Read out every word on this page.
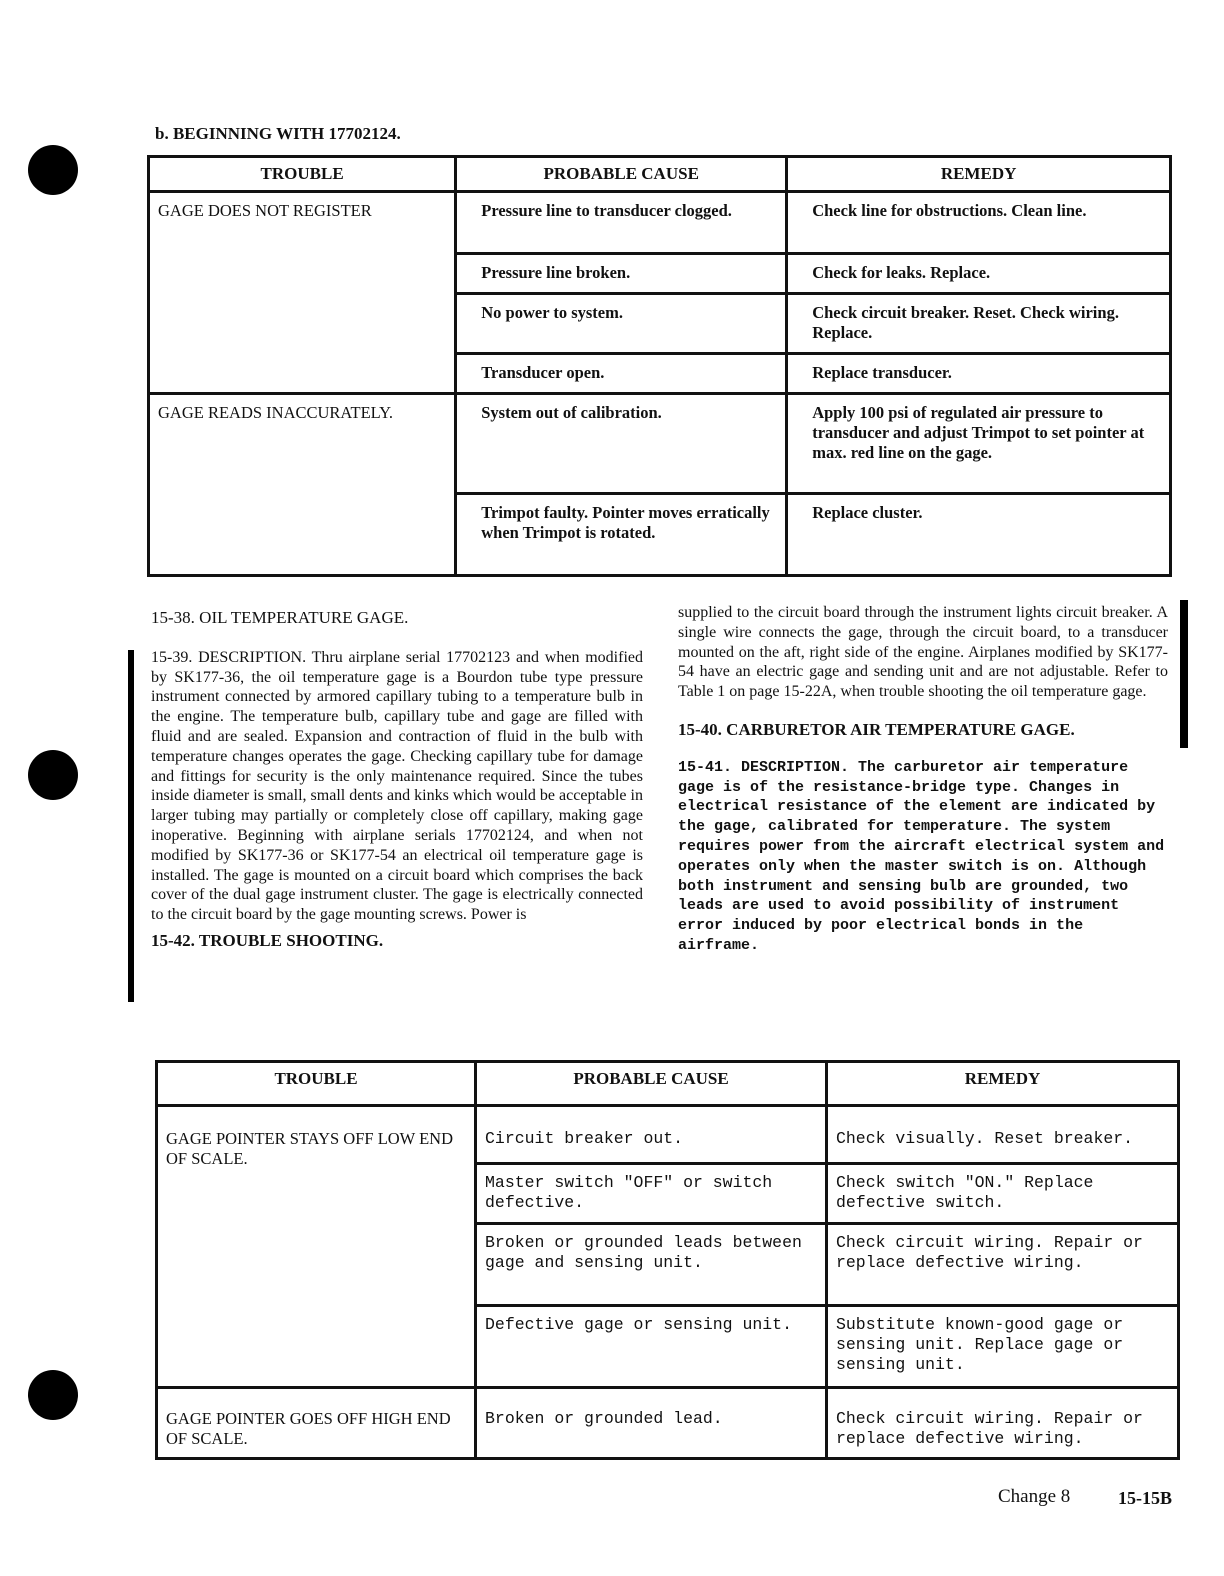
b. BEGINNING WITH 17702124.
TROUBLE	PROBABLE CAUSE	REMEDY
GAGE DOES NOT REGISTER	Pressure line to transducer clogged.	Check line for obstructions. Clean line.
	Pressure line broken.	Check for leaks. Replace.
	No power to system.	Check circuit breaker. Reset. Check wiring. Replace.
	Transducer open.	Replace transducer.
GAGE READS INACCURATELY.	System out of calibration.	Apply 100 psi of regulated air pressure to transducer and adjust Trimpot to set pointer at max. red line on the gage.
	Trimpot faulty. Pointer moves erratically when Trimpot is rotated.	Replace cluster.

15-38. OIL TEMPERATURE GAGE.

15-39. DESCRIPTION. Thru airplane serial 17702123 and when modified by SK177-36, the oil temperature gage is a Bourdon tube type pressure instrument connected by armored capillary tubing to a temperature bulb in the engine. The temperature bulb, capillary tube and gage are filled with fluid and are sealed. Expansion and contraction of fluid in the bulb with temperature changes operates the gage. Checking capillary tube for damage and fittings for security is the only maintenance required. Since the tubes inside diameter is small, small dents and kinks which would be acceptable in larger tubing may partially or completely close off capillary, making gage inoperative. Beginning with airplane serials 17702124, and when not modified by SK177-36 or SK177-54 an electrical oil temperature gage is installed. The gage is mounted on a circuit board which comprises the back cover of the dual gage instrument cluster. The gage is electrically connected to the circuit board by the gage mounting screws. Power is

15-42. TROUBLE SHOOTING.

supplied to the circuit board through the instrument lights circuit breaker. A single wire connects the gage, through the circuit board, to a transducer mounted on the aft, right side of the engine. Airplanes modified by SK177-54 have an electric gage and sending unit and are not adjustable. Refer to Table 1 on page 15-22A, when trouble shooting the oil temperature gage.

15-40. CARBURETOR AIR TEMPERATURE GAGE.

15-41. DESCRIPTION. The carburetor air temperature gage is of the resistance-bridge type. Changes in electrical resistance of the element are indicated by the gage, calibrated for temperature. The system requires power from the aircraft electrical system and operates only when the master switch is on. Although both instrument and sensing bulb are grounded, two leads are used to avoid possibility of instrument error induced by poor electrical bonds in the airframe.

TROUBLE	PROBABLE CAUSE	REMEDY
GAGE POINTER STAYS OFF LOW END OF SCALE.	Circuit breaker out.	Check visually. Reset breaker.
	Master switch "OFF" or switch defective.	Check switch "ON." Replace defective switch.
	Broken or grounded leads between gage and sensing unit.	Check circuit wiring. Repair or replace defective wiring.
	Defective gage or sensing unit.	Substitute known-good gage or sensing unit. Replace gage or sensing unit.
GAGE POINTER GOES OFF HIGH END OF SCALE.	Broken or grounded lead.	Check circuit wiring. Repair or replace defective wiring.
Change 8	15-15B
